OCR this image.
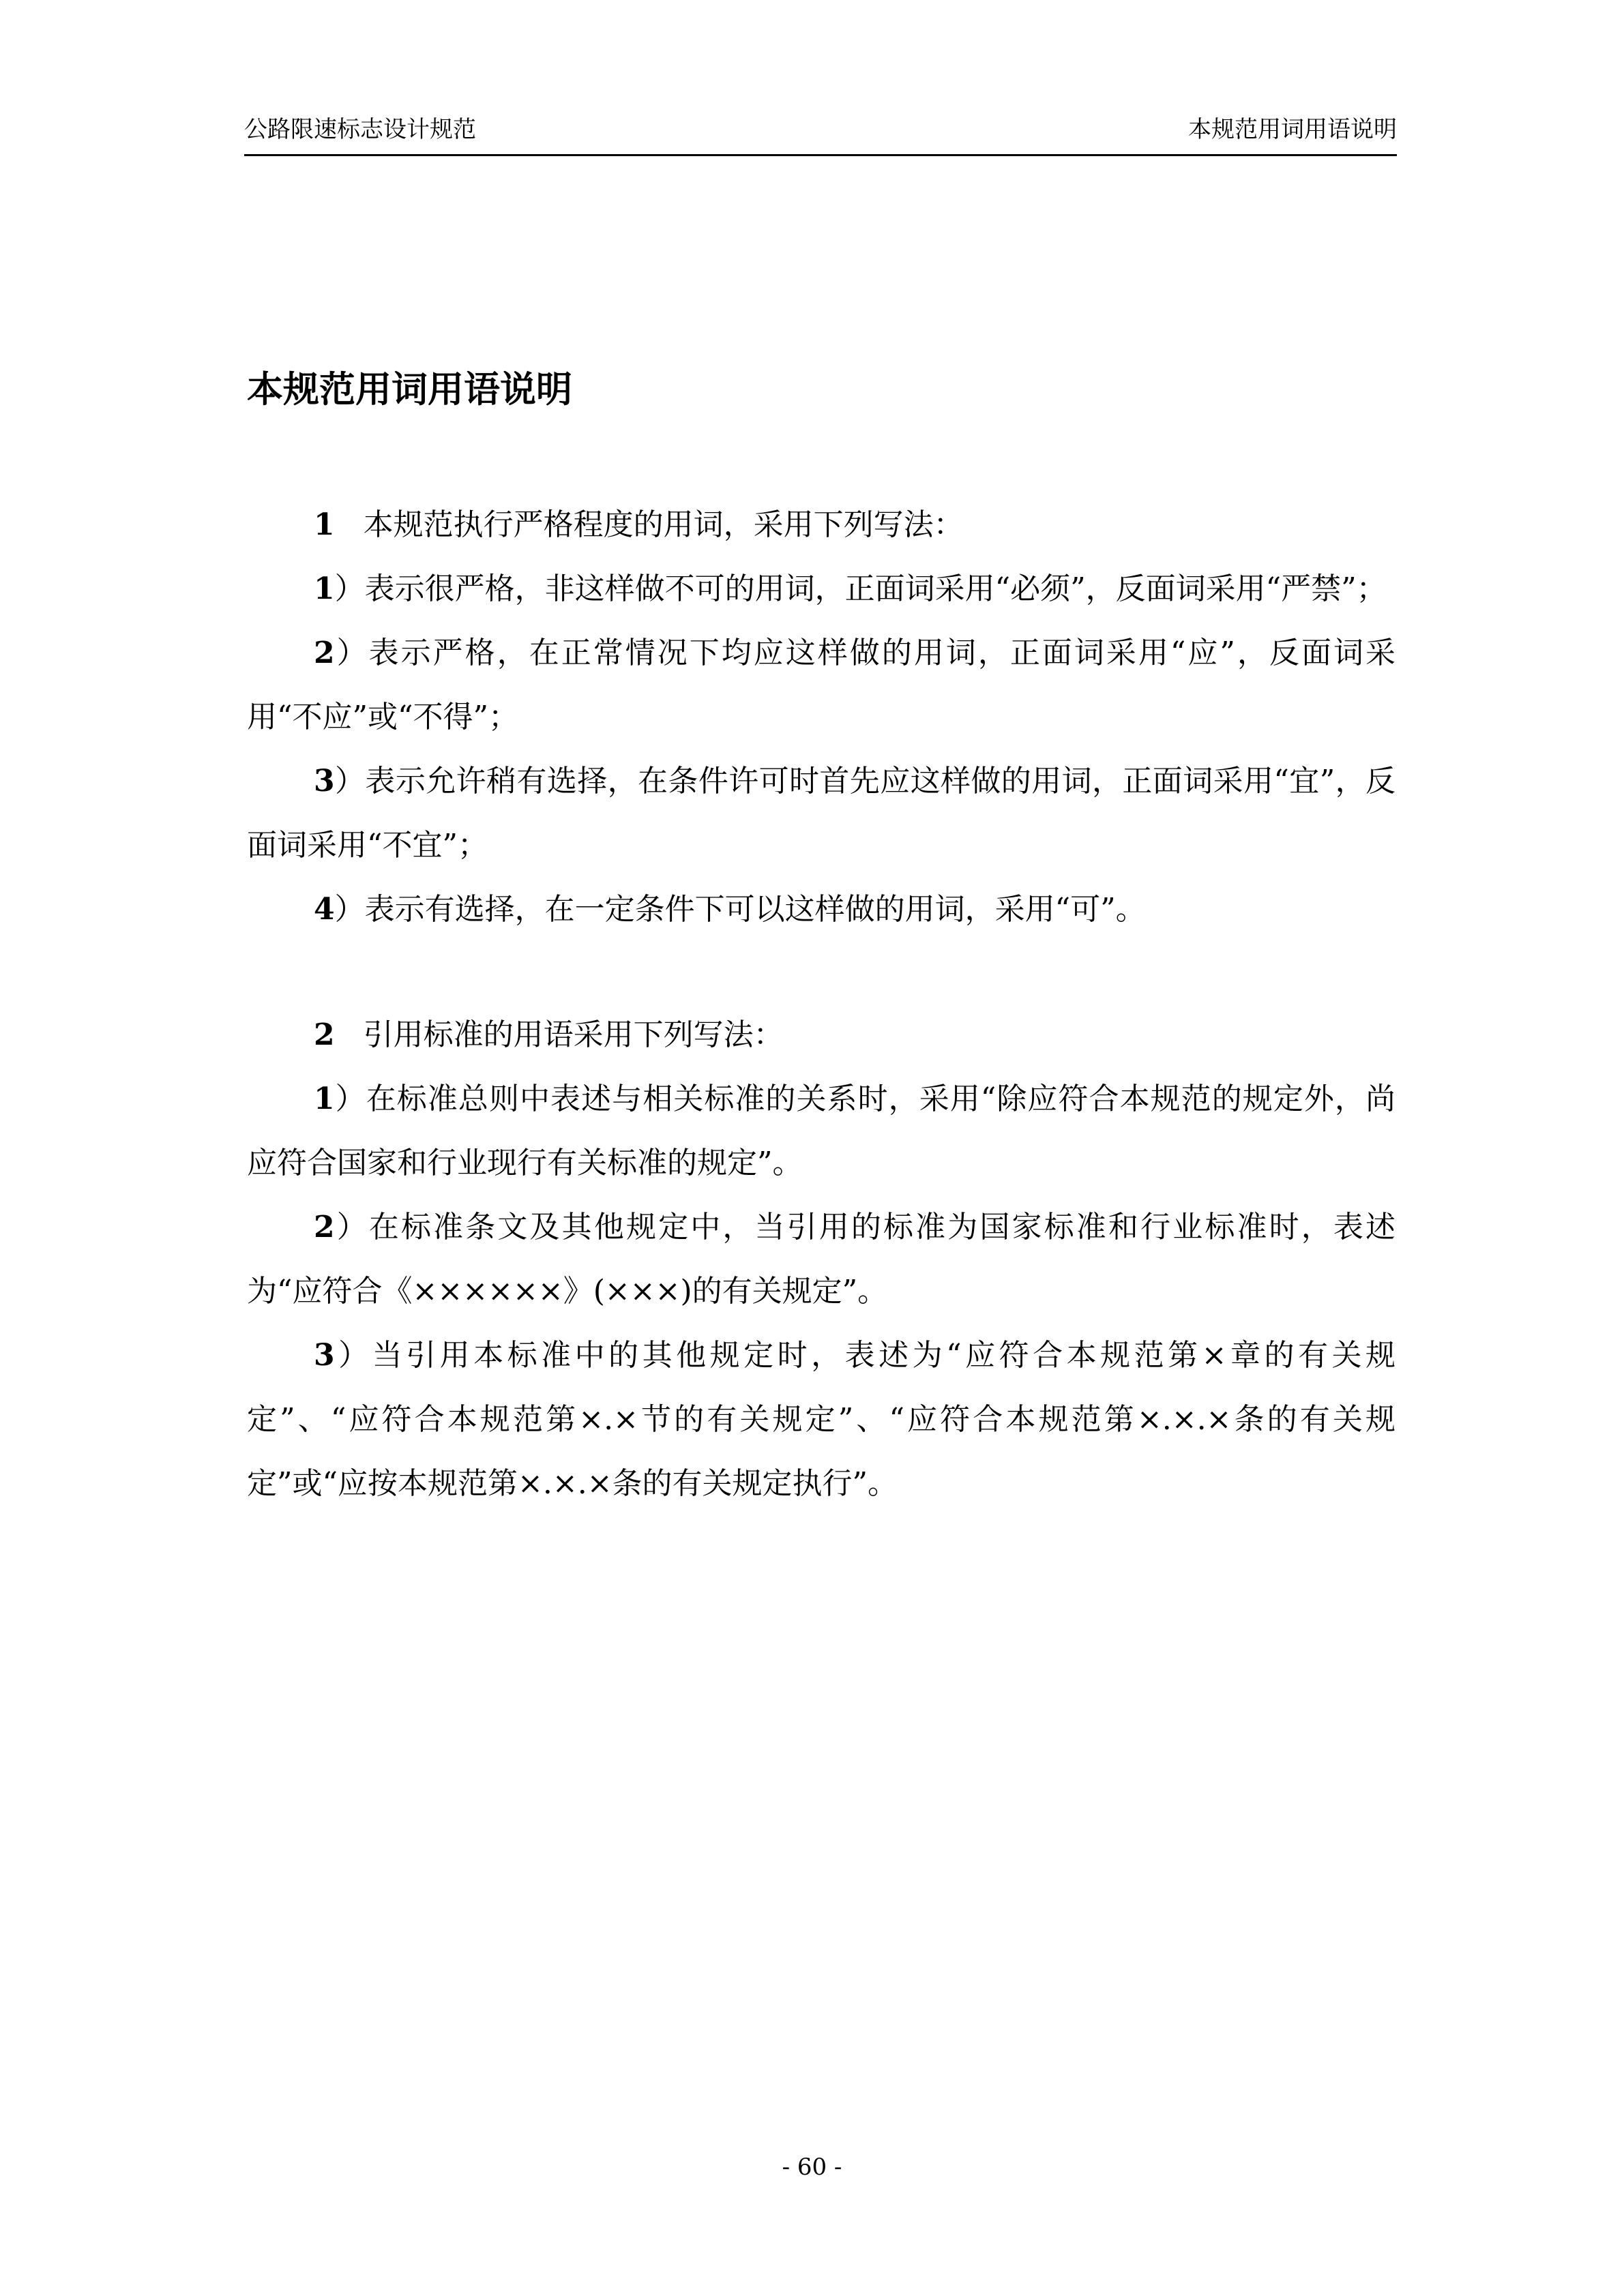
公路限速标志设计规范	本规范用词用语说明
本规范用词用语说明

1 本规范执行严格程度的用词，采用下列写法：

1）表示很严格，非这样做不可的用词，正面词采用“必须”，反面词采用“严禁”；

2）表示严格，在正常情况下均应这样做的用词，正面词采用“应”，反面词采用“不应”或“不得”；

3）表示允许稍有选择，在条件许可时首先应这样做的用词，正面词采用“宜”，反面词采用“不宜”；

4）表示有选择，在一定条件下可以这样做的用词，采用“可”。

2 引用标准的用语采用下列写法：

1）在标准总则中表述与相关标准的关系时，采用“除应符合本规范的规定外，尚应符合国家和行业现行有关标准的规定”。

2）在标准条文及其他规定中，当引用的标准为国家标准和行业标准时，表述为“应符合《××××××》(×××)的有关规定”。

3）当引用本标准中的其他规定时，表述为“应符合本规范第×章的有关规定”、“应符合本规范第×.×节的有关规定”、“应符合本规范第×.×.×条的有关规定”或“应按本规范第×.×.×条的有关规定执行”。

- 60 -
